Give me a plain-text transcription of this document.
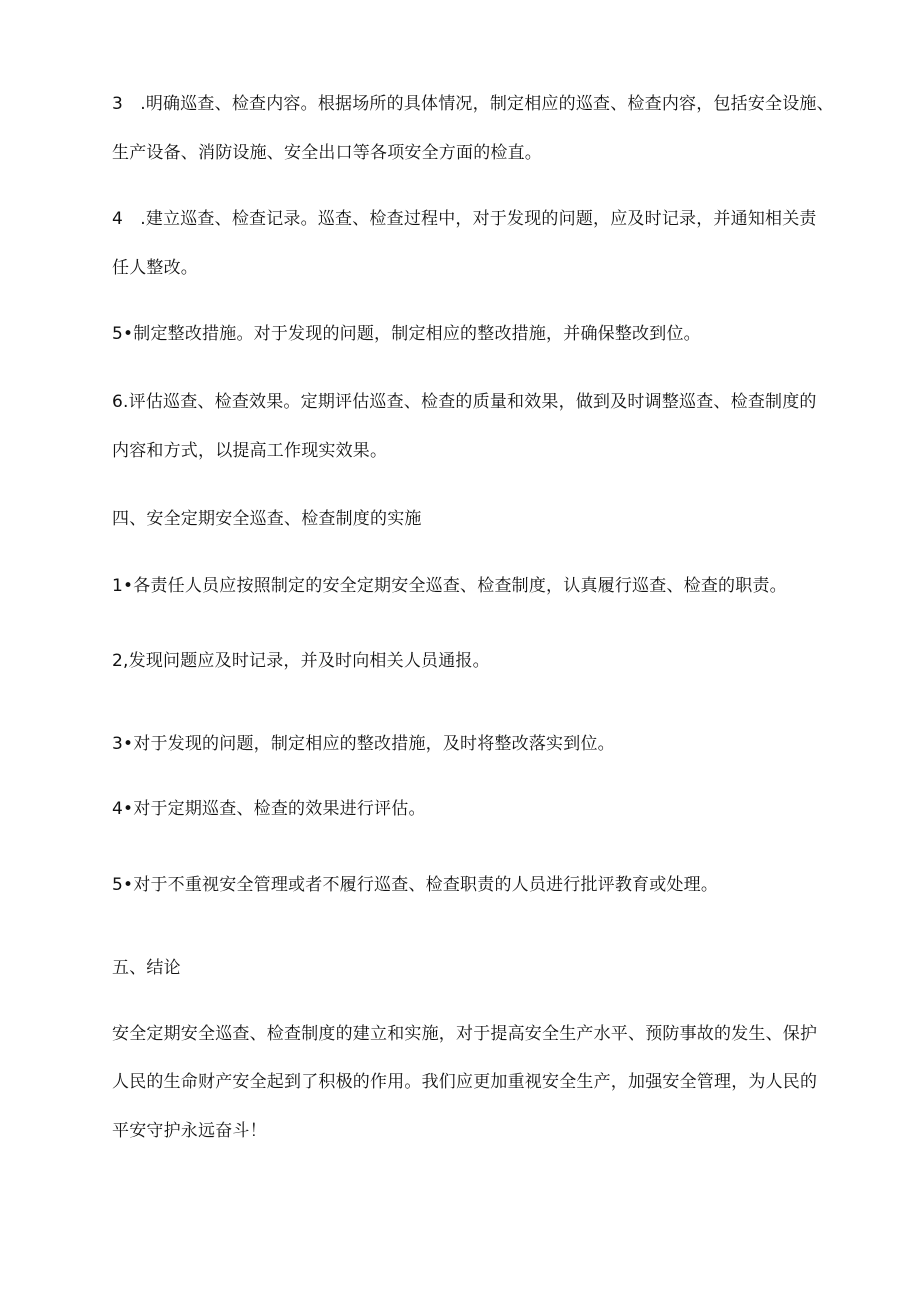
3　.明确巡查、检查内容。根据场所的具体情况，制定相应的巡查、检查内容，包括安全设施、
生产设备、消防设施、安全出口等各项安全方面的检直。
4　.建立巡查、检查记录。巡查、检查过程中，对于发现的问题，应及时记录，并通知相关责
任人整改。
5•制定整改措施。对于发现的问题，制定相应的整改措施，并确保整改到位。
6.评估巡查、检查效果。定期评估巡查、检查的质量和效果，做到及时调整巡查、检查制度的
内容和方式，以提高工作现实效果。
四、安全定期安全巡查、检查制度的实施
1•各责任人员应按照制定的安全定期安全巡查、检查制度，认真履行巡查、检查的职责。
2,发现问题应及时记录，并及时向相关人员通报。
3•对于发现的问题，制定相应的整改措施，及时将整改落实到位。
4•对于定期巡查、检查的效果进行评估。
5•对于不重视安全管理或者不履行巡查、检查职责的人员进行批评教育或处理。
五、结论
安全定期安全巡查、检查制度的建立和实施，对于提高安全生产水平、预防事故的发生、保护
人民的生命财产安全起到了积极的作用。我们应更加重视安全生产，加强安全管理，为人民的
平安守护永远奋斗！
